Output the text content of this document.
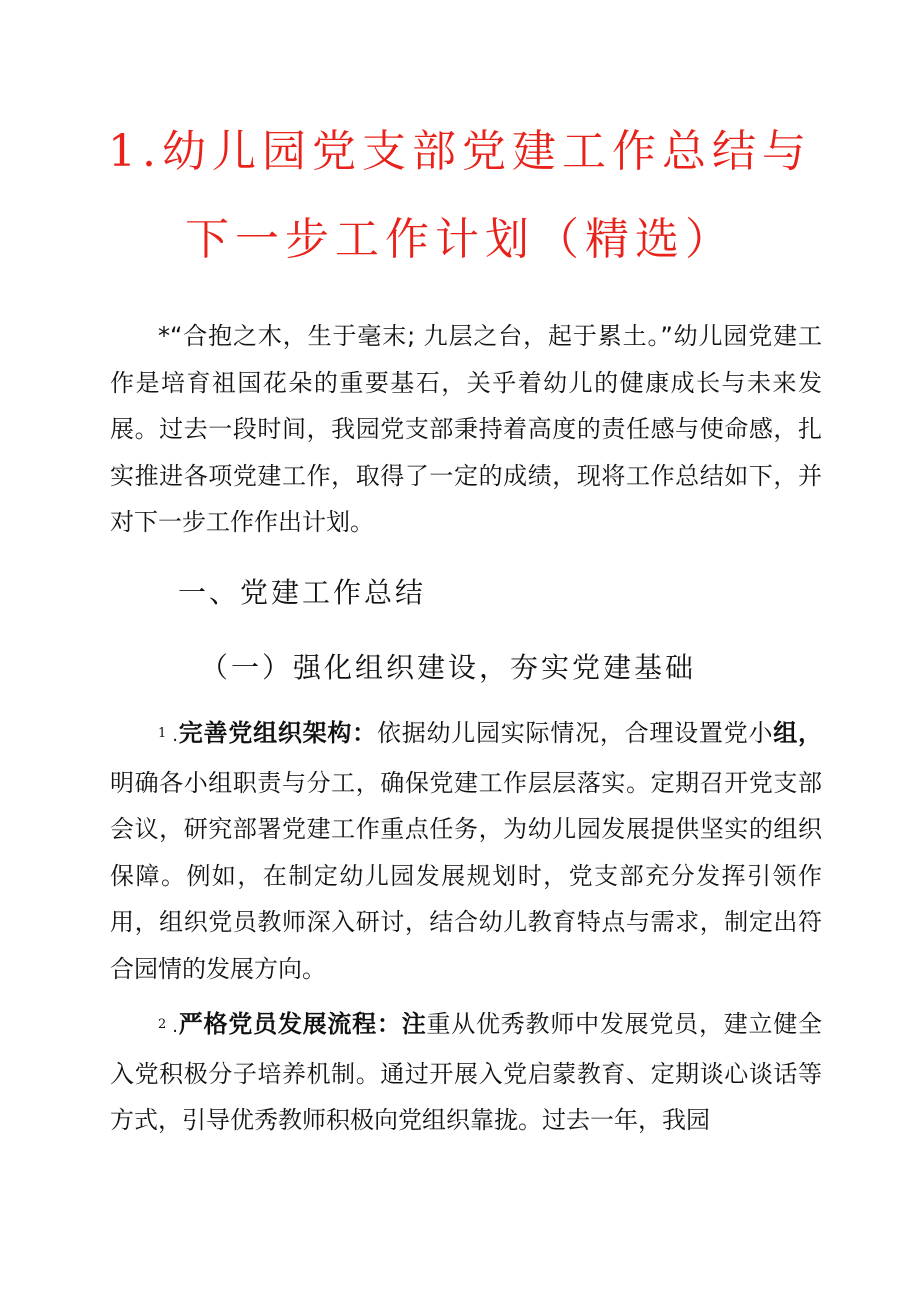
1.幼儿园党支部党建工作总结与
下一步工作计划（精选）

*“合抱之木，生于毫末; 九层之台，起于累土。”幼儿园党建工作是培育祖国花朵的重要基石，关乎着幼儿的健康成长与未来发展。过去一段时间，我园党支部秉持着高度的责任感与使命感，扎实推进各项党建工作，取得了一定的成绩，现将工作总结如下，并对下一步工作作出计划。

一、党建工作总结
（一）强化组织建设，夯实党建基础

1 .完善党组织架构：依据幼儿园实际情况，合理设置党小组，明确各小组职责与分工，确保党建工作层层落实。定期召开党支部会议，研究部署党建工作重点任务，为幼儿园发展提供坚实的组织保障。例如，在制定幼儿园发展规划时，党支部充分发挥引领作用，组织党员教师深入研讨，结合幼儿教育特点与需求，制定出符合园情的发展方向。

2 .严格党员发展流程：注重从优秀教师中发展党员，建立健全入党积极分子培养机制。通过开展入党启蒙教育、定期谈心谈话等方式，引导优秀教师积极向党组织靠拢。过去一年，我园
